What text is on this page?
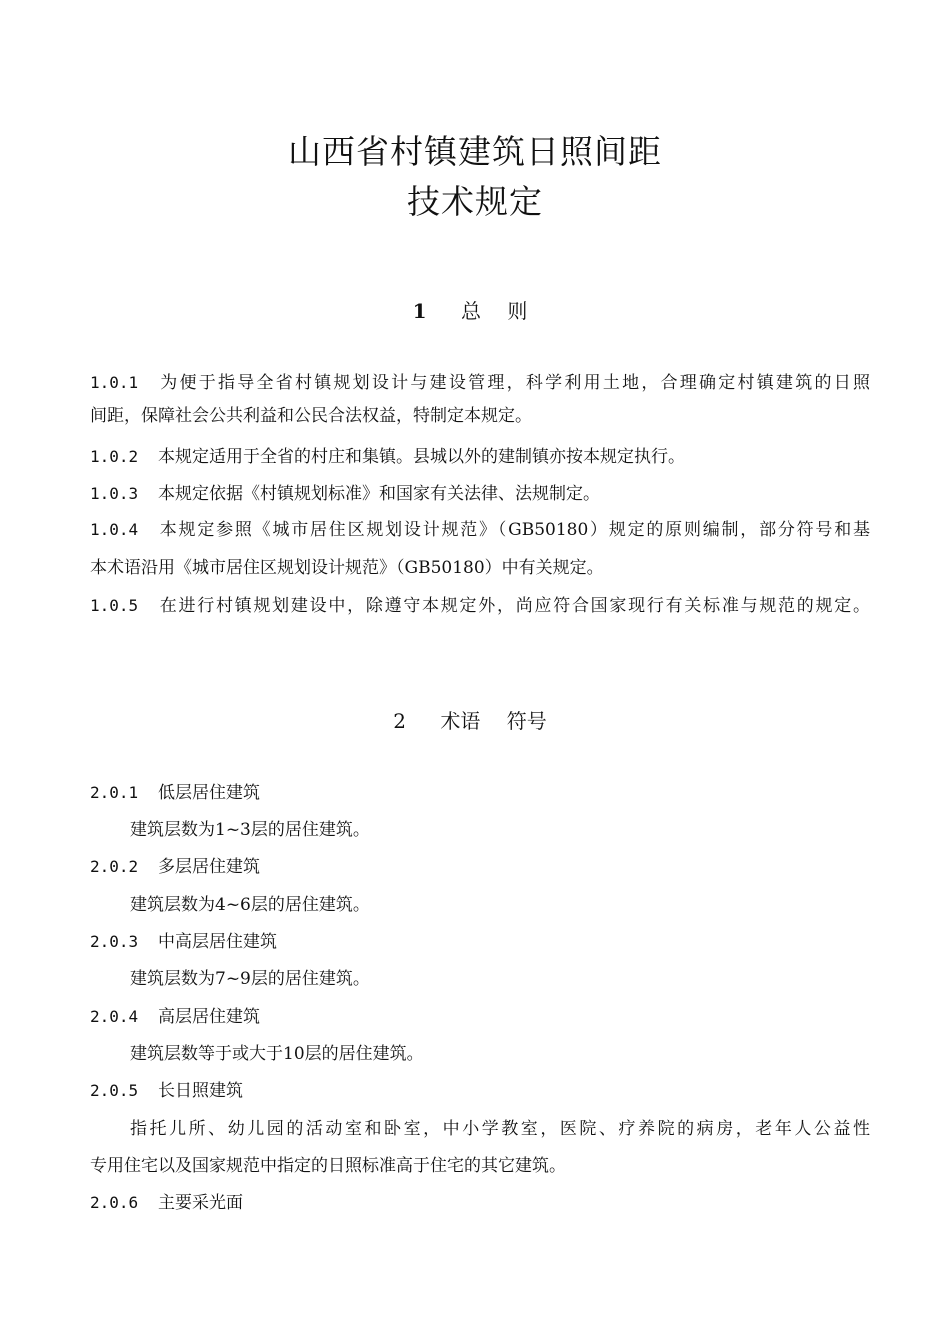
山西省村镇建筑日照间距
技术规定
1 总 则
1.0.1 为便于指导全省村镇规划设计与建设管理，科学利用土地，合理确定村镇建筑的日照
间距，保障社会公共利益和公民合法权益，特制定本规定。
1.0.2 本规定适用于全省的村庄和集镇。县城以外的建制镇亦按本规定执行。
1.0.3 本规定依据《村镇规划标准》和国家有关法律、法规制定。
1.0.4 本规定参照《城市居住区规划设计规范》（GB50180）规定的原则编制，部分符号和基
本术语沿用《城市居住区规划设计规范》（GB50180）中有关规定。
1.0.5 在进行村镇规划建设中，除遵守本规定外，尚应符合国家现行有关标准与规范的规定。
2 术语 符号
2.0.1 低层居住建筑
建筑层数为1~3层的居住建筑。
2.0.2 多层居住建筑
建筑层数为4~6层的居住建筑。
2.0.3 中高层居住建筑
建筑层数为7~9层的居住建筑。
2.0.4 高层居住建筑
建筑层数等于或大于10层的居住建筑。
2.0.5 长日照建筑
指托儿所、幼儿园的活动室和卧室，中小学教室，医院、疗养院的病房，老年人公益性
专用住宅以及国家规范中指定的日照标准高于住宅的其它建筑。
2.0.6 主要采光面
